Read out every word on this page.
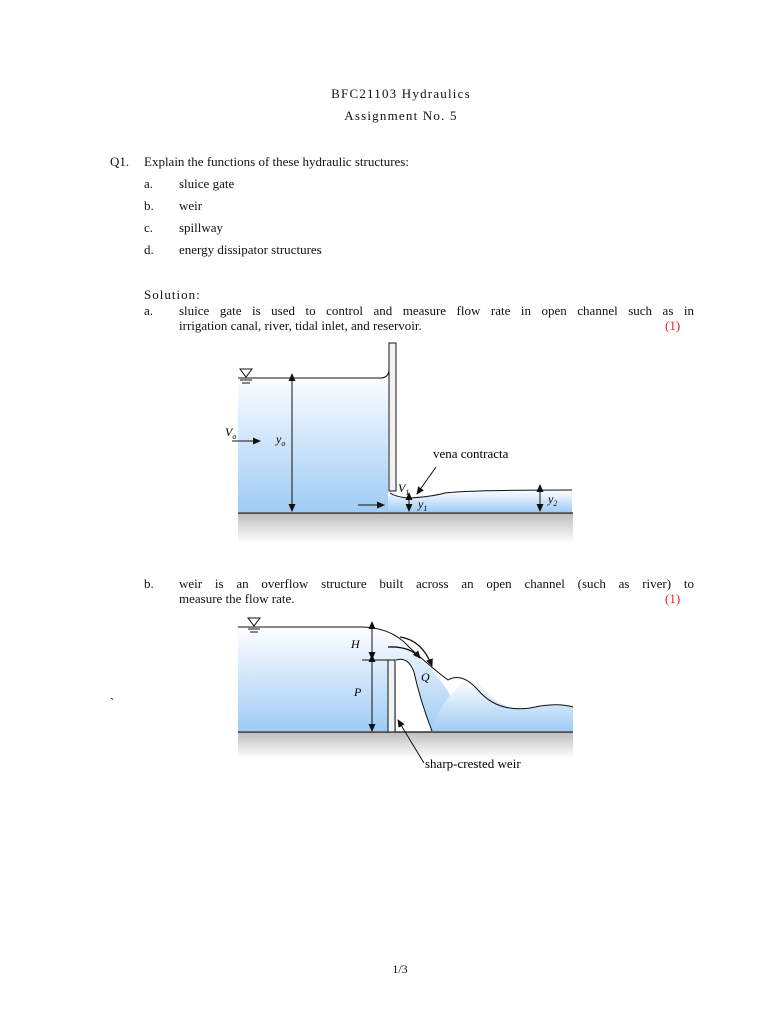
BFC21103 Hydraulics
Assignment No. 5
Q1. Explain the functions of these hydraulic structures:
a. sluice gate
b. weir
c. spillway
d. energy dissipator structures
Solution:
a. sluice gate is used to control and measure flow rate in open channel such as in
irrigation canal, river, tidal inlet, and reservoir.	(1)
$V_o$	$y_o$
vena contracta
$V_1$
$y_1$
$y_2$
b. weir is an overflow structure built across an open channel (such as river) to
measure the flow rate.	(1)
H
P
Q
sharp-crested weir
`
1/3
